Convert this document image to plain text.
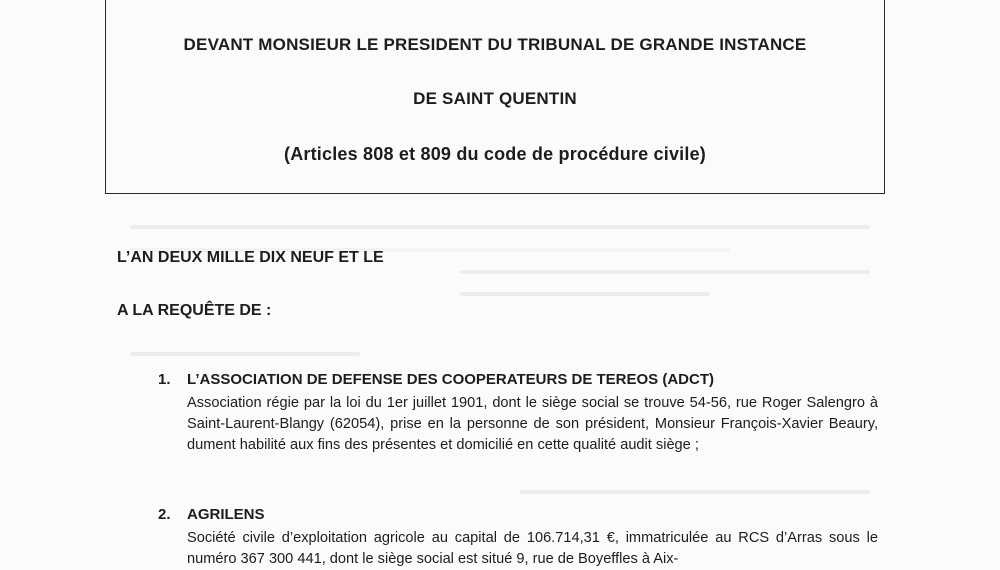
DEVANT MONSIEUR LE PRESIDENT DU TRIBUNAL DE GRANDE INSTANCE
DE SAINT QUENTIN
(Articles 808 et 809 du code de procédure civile)
L’AN DEUX MILLE DIX NEUF ET LE
A LA REQUÊTE DE :
1.	L’ASSOCIATION DE DEFENSE DES COOPERATEURS DE TEREOS (ADCT)

Association régie par la loi du 1er juillet 1901, dont le siège social se trouve 54-56, rue Roger Salengro à Saint-Laurent-Blangy (62054), prise en la personne de son président, Monsieur François-Xavier Beaury, dument habilité aux fins des présentes et domicilié en cette qualité audit siège ;

2.	AGRILENS

Société civile d’exploitation agricole au capital de 106.714,31 €, immatriculée au RCS d’Arras sous le numéro 367 300 441, dont le siège social est situé 9, rue de Boyeffles à Aix-
